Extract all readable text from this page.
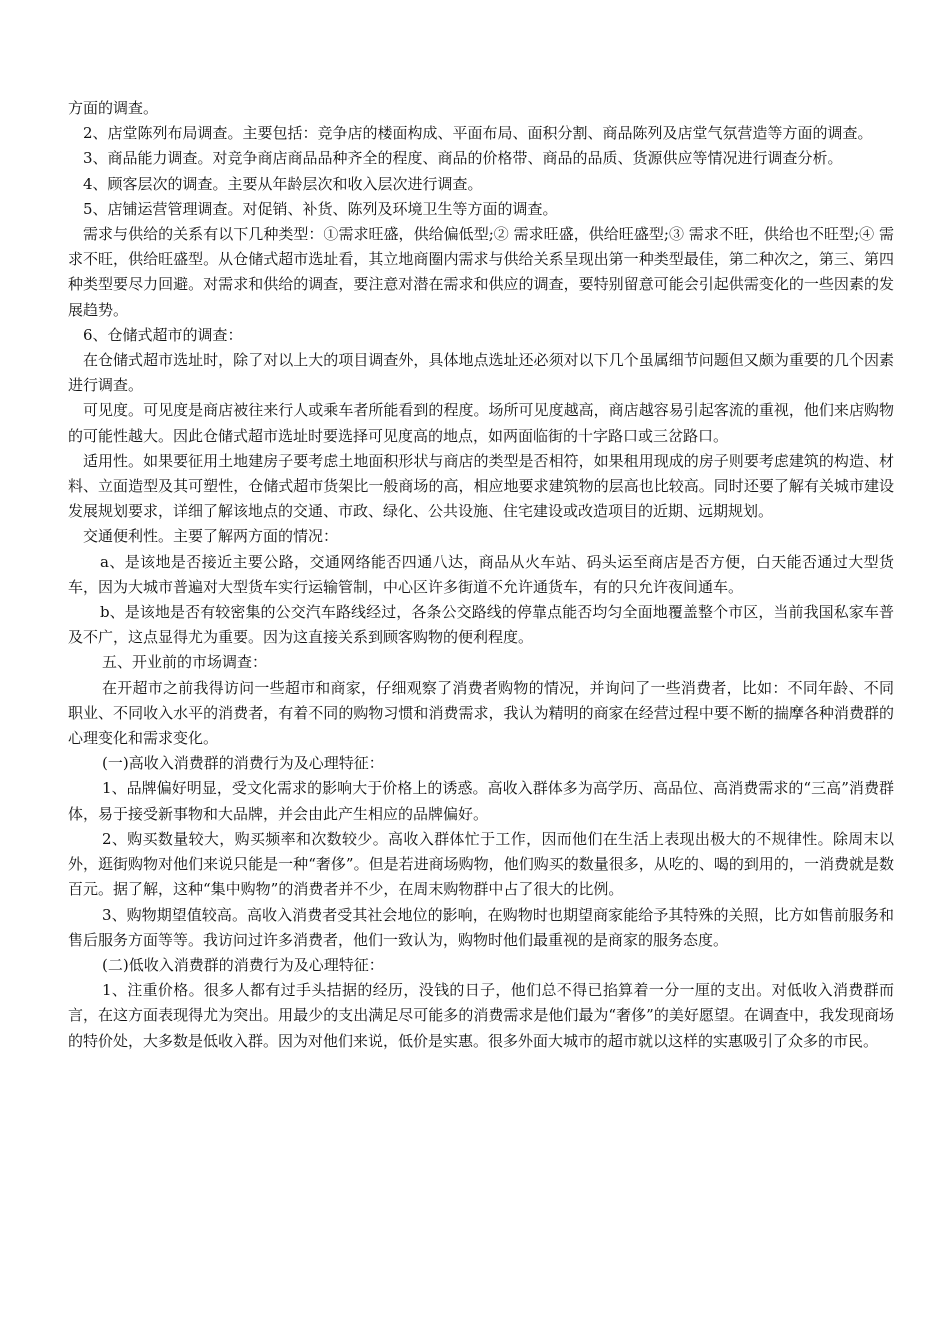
方面的调查。

2、店堂陈列布局调查。主要包括：竞争店的楼面构成、平面布局、面积分割、商品陈列及店堂气氛营造等方面的调查。

3、商品能力调查。对竞争商店商品品种齐全的程度、商品的价格带、商品的品质、货源供应等情况进行调查分析。

4、顾客层次的调查。主要从年龄层次和收入层次进行调查。

5、店铺运营管理调查。对促销、补货、陈列及环境卫生等方面的调查。

需求与供给的关系有以下几种类型：①需求旺盛，供给偏低型;② 需求旺盛，供给旺盛型;③ 需求不旺，供给也不旺型;④ 需求不旺，供给旺盛型。从仓储式超市选址看，其立地商圈内需求与供给关系呈现出第一种类型最佳，第二种次之，第三、第四种类型要尽力回避。对需求和供给的调查，要注意对潜在需求和供应的调查，要特别留意可能会引起供需变化的一些因素的发展趋势。

6、仓储式超市的调查：

在仓储式超市选址时，除了对以上大的项目调查外，具体地点选址还必须对以下几个虽属细节问题但又颇为重要的几个因素进行调查。

可见度。可见度是商店被往来行人或乘车者所能看到的程度。场所可见度越高，商店越容易引起客流的重视，他们来店购物的可能性越大。因此仓储式超市选址时要选择可见度高的地点，如两面临街的十字路口或三岔路口。

适用性。如果要征用土地建房子要考虑土地面积形状与商店的类型是否相符，如果租用现成的房子则要考虑建筑的构造、材料、立面造型及其可塑性，仓储式超市货架比一般商场的高，相应地要求建筑物的层高也比较高。同时还要了解有关城市建设发展规划要求，详细了解该地点的交通、市政、绿化、公共设施、住宅建设或改造项目的近期、远期规划。

交通便利性。主要了解两方面的情况：

a、是该地是否接近主要公路，交通网络能否四通八达，商品从火车站、码头运至商店是否方便，白天能否通过大型货车，因为大城市普遍对大型货车实行运输管制，中心区许多街道不允许通货车，有的只允许夜间通车。

b、是该地是否有较密集的公交汽车路线经过，各条公交路线的停靠点能否均匀全面地覆盖整个市区，当前我国私家车普及不广，这点显得尤为重要。因为这直接关系到顾客购物的便利程度。

五、开业前的市场调查：

在开超市之前我得访问一些超市和商家，仔细观察了消费者购物的情况，并询问了一些消费者，比如：不同年龄、不同职业、不同收入水平的消费者，有着不同的购物习惯和消费需求，我认为精明的商家在经营过程中要不断的揣摩各种消费群的心理变化和需求变化。

(一)高收入消费群的消费行为及心理特征：

1、品牌偏好明显，受文化需求的影响大于价格上的诱惑。高收入群体多为高学历、高品位、高消费需求的“三高”消费群体，易于接受新事物和大品牌，并会由此产生相应的品牌偏好。

2、购买数量较大，购买频率和次数较少。高收入群体忙于工作，因而他们在生活上表现出极大的不规律性。除周末以外，逛街购物对他们来说只能是一种“奢侈”。但是若进商场购物，他们购买的数量很多，从吃的、喝的到用的，一消费就是数百元。据了解，这种“集中购物”的消费者并不少，在周末购物群中占了很大的比例。

3、购物期望值较高。高收入消费者受其社会地位的影响，在购物时也期望商家能给予其特殊的关照，比方如售前服务和售后服务方面等等。我访问过许多消费者，他们一致认为，购物时他们最重视的是商家的服务态度。

(二)低收入消费群的消费行为及心理特征：

1、注重价格。很多人都有过手头拮据的经历，没钱的日子，他们总不得已掐算着一分一厘的支出。对低收入消费群而言，在这方面表现得尤为突出。用最少的支出满足尽可能多的消费需求是他们最为“奢侈”的美好愿望。在调查中，我发现商场的特价处，大多数是低收入群。因为对他们来说，低价是实惠。很多外面大城市的超市就以这样的实惠吸引了众多的市民。
